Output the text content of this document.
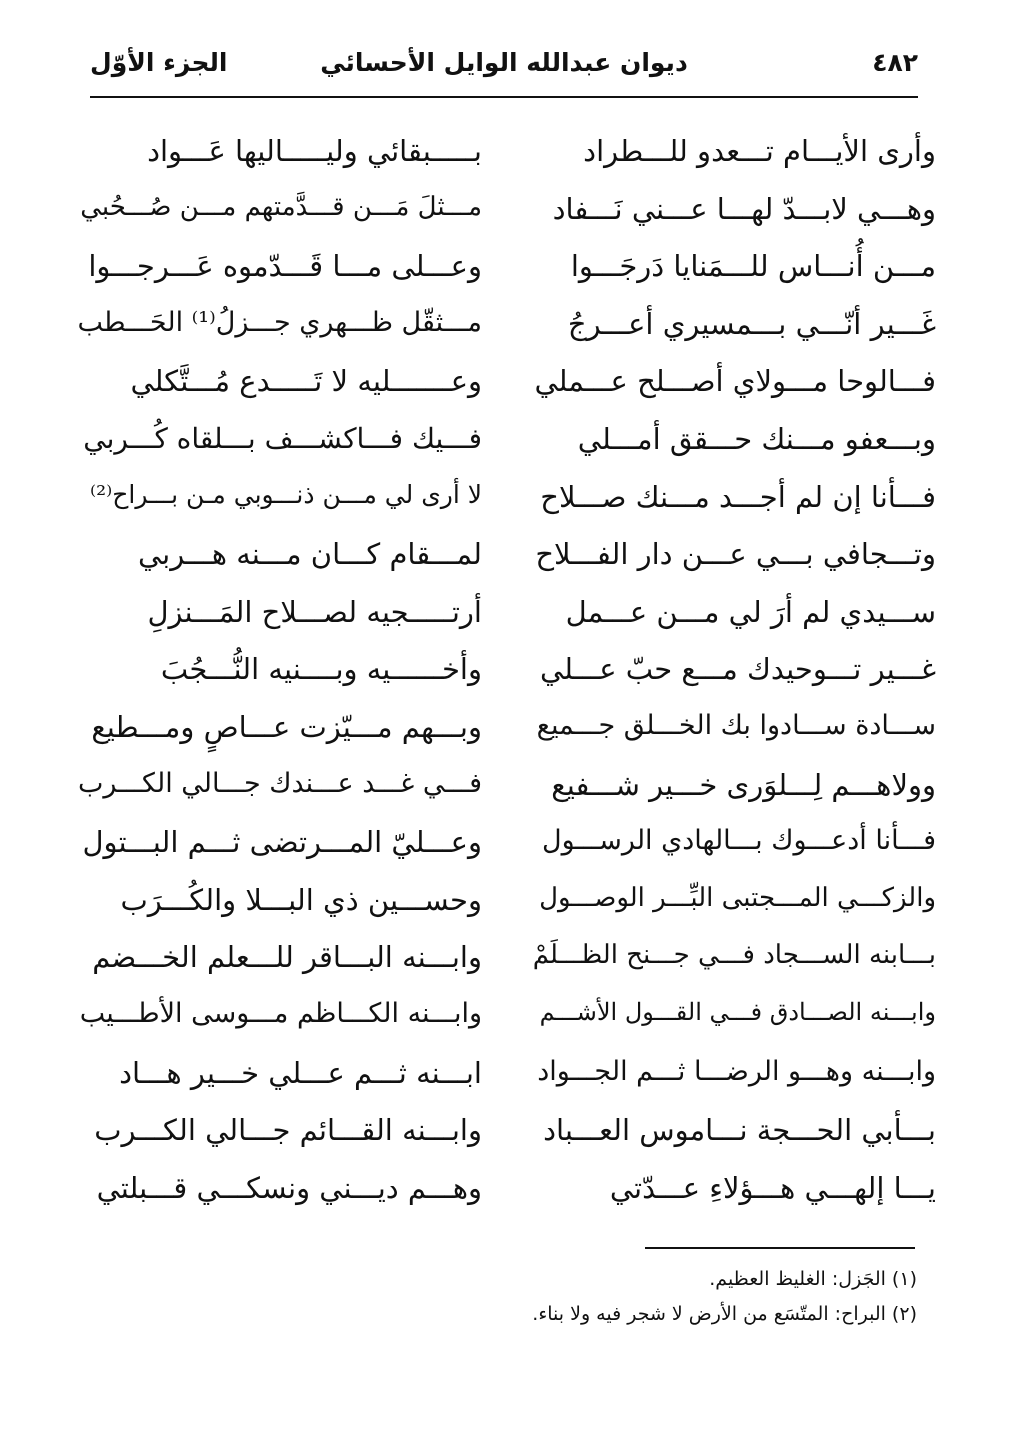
٤٨٢
ديوان عبدالله الوايل الأحسائي
الجزء الأوّل
وأرى الأيـــام تـــعدو للـــطراد
بـــــبقائي وليـــــاليها عَـــواد
وهـــي لابـــدّ لهـــا عـــني نَـــفاد
مـــثلَ مَـــن قـــدَّمتهم مـــن صُـــحُبي
مـــن أُنـــاس للـــمَنايا دَرجَـــوا
وعـــلى مـــا قَـــدّموه عَـــرجـــوا
غَـــير أنّـــي بـــمسيري أعـــرجُ
مـــثقّل ظـــهري جـــزلُ⁽¹⁾ الحَـــطب
فـــالوحا مـــولاي أصـــلح عـــملي
وعـــــــليه لا تَـــــدع مُـــتَّكلي
وبـــعفو مـــنك حـــقق أمـــلي
فـــيك فـــاكشـــف بـــلقاه كُـــربي
فـــأنا إن لم أجـــد مـــنك صـــلاح
لا أرى لي مـــن ذنـــوبي مـن بـــراح⁽²⁾
وتـــجافي بـــي عـــن دار الفـــلاح
لمـــقام كـــان مـــنه هـــربي
ســـيدي لم أرَ لي مـــن عـــمل
أرتـــــجيه لصـــلاح المَـــنزلِ
غـــير تـــوحيدك مـــع حبّ عـــلي
وأخــــــيه وبــــنيه النُّـــجُبَ
ســـادة ســـادوا بك الخـــلق جـــميع
وبـــهم مـــيّزت عـــاصٍ ومـــطيع
وولاهـــم لِـــلوَرى خـــير شـــفيع
فـــي غـــد عـــندك جـــالي الكـــرب
فـــأنا أدعـــوك بـــالهادي الرســـول
وعـــليّ المـــرتضى ثـــم البـــتول
والزكـــي المـــجتبى البِّـــر الوصـــول
وحســـين ذي البـــلا والكُـــرَب
بـــابنه الســـجاد فـــي جـــنح الظـــلَمْ
وابـــنه البـــاقر للـــعلم الخـــضم
وابـــنه الصـــادق فـــي القـــول الأشـــم
وابـــنه الكـــاظم مـــوسى الأطـــيب
وابـــنه وهـــو الرضـــا ثـــم الجـــواد
ابـــنه ثـــم عـــلي خـــير هـــاد
بـــأبي الحـــجة نـــاموس العـــباد
وابـــنه القـــائم جـــالي الكـــرب
يـــا إلهـــي هـــؤلاءِ عـــدّتي
وهـــم ديـــني ونسكـــي قـــبلتي
(١) الجَزل: الغليظ العظيم.
(٢) البراح: المتّسَع من الأرض لا شجر فيه ولا بناء.
